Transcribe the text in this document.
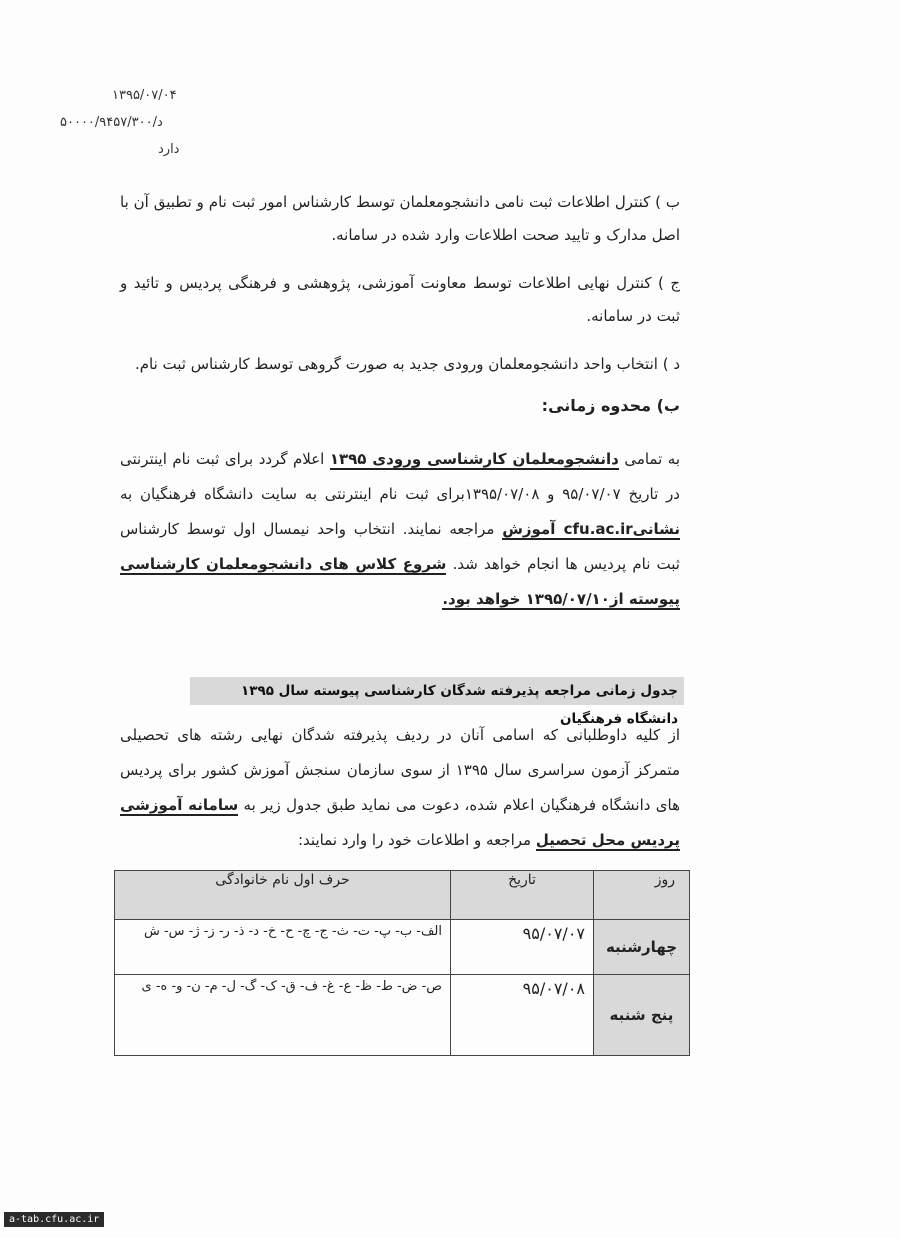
۱۳۹۵/۰۷/۰۴
د/۵۰۰۰۰/۹۴۵۷/۳۰۰
دارد
ب ) کنترل اطلاعات ثبت نامی دانشجومعلمان توسط کارشناس امور ثبت نام و تطبیق آن با اصل مدارک و تایید صحت اطلاعات وارد شده در سامانه.
ج ) کنترل نهایی اطلاعات توسط معاونت آموزشی، پژوهشی و فرهنگی پردیس و تائید و ثبت در سامانه.
د ) انتخاب واحد دانشجومعلمان ورودی جدید به صورت گروهی توسط کارشناس ثبت نام.
ب) محدوه زمانی:
به تمامی دانشجومعلمان کارشناسی ورودی ۱۳۹۵ اعلام گردد برای ثبت نام اینترنتی در تاریخ ۹۵/۰۷/۰۷ و ۱۳۹۵/۰۷/۰۸برای ثبت نام اینترنتی به سایت دانشگاه فرهنگیان به نشانیcfu.ac.ir آموزش مراجعه نمایند. انتخاب واحد نیمسال اول توسط کارشناس ثبت نام پردیس ها انجام خواهد شد. شروع کلاس های دانشجومعلمان کارشناسی پیوسته از۱۳۹۵/۰۷/۱۰ خواهد بود.
جدول زمانی مراجعه پذیرفته شدگان کارشناسی پیوسته سال ۱۳۹۵ دانشگاه فرهنگیان
از کلیه داوطلبانی که اسامی آنان در ردیف پذیرفته شدگان نهایی رشته های تحصیلی متمرکز آزمون سراسری سال ۱۳۹۵ از سوی سازمان سنجش آموزش کشور برای پردیس های دانشگاه فرهنگیان اعلام شده، دعوت می نماید طبق جدول زیر به سامانه آموزشی پردیس محل تحصیل مراجعه و اطلاعات خود را وارد نمایند:
روز	تاریخ	حرف اول نام خانوادگی
چهارشنبه	۹۵/۰۷/۰۷	الف- ب- پ- ت- ث- ج- چ- ح- خ- د- ذ- ر- ز- ژ- س- ش
پنج شنبه	۹۵/۰۷/۰۸	ص- ض- ط- ظ- ع- غ- ف- ق- ک- گ- ل- م- ن- و- ه- ی
a-tab.cfu.ac.ir
